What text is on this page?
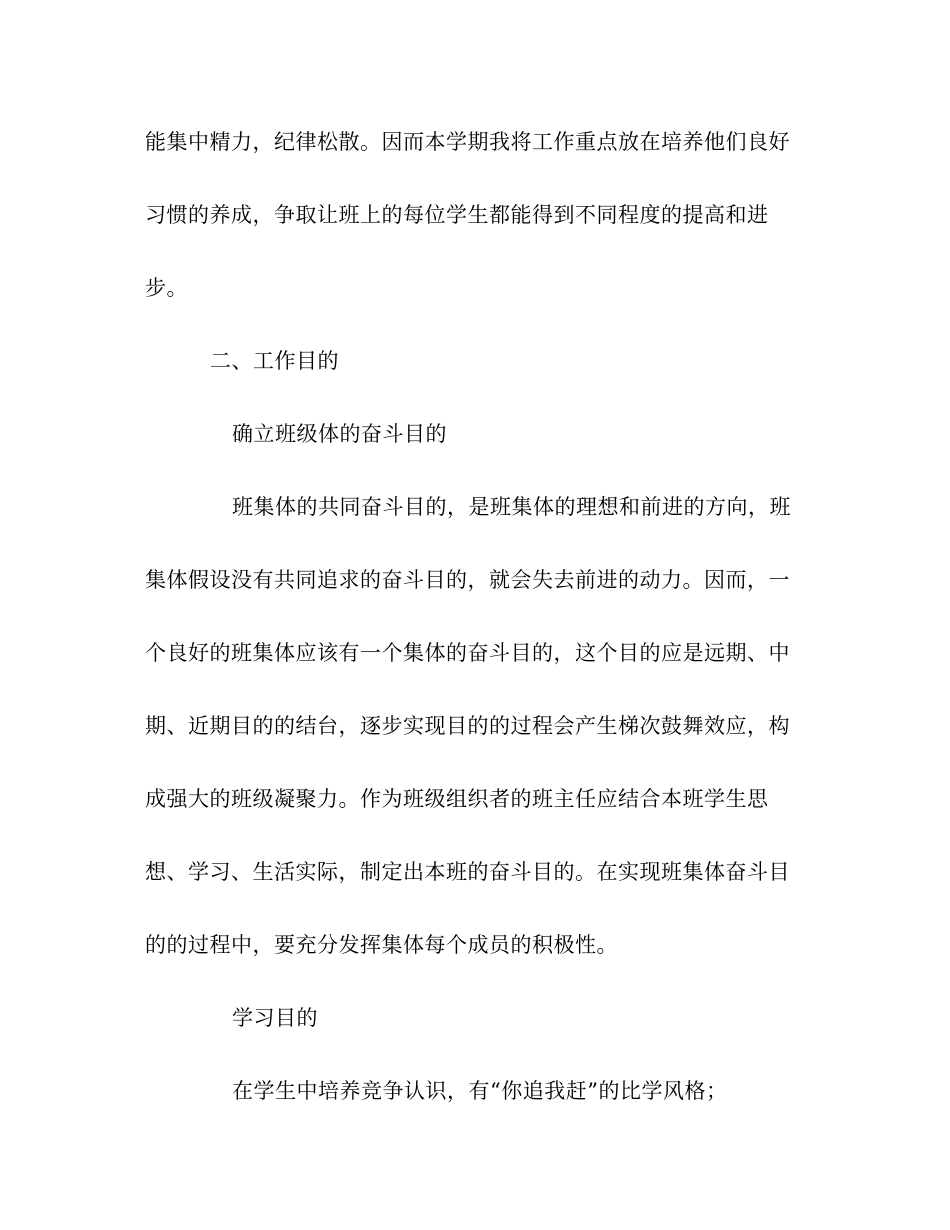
能集中精力，纪律松散。因而本学期我将工作重点放在培养他们良好
习惯的养成，争取让班上的每位学生都能得到不同程度的提高和进
步。
二、工作目的
确立班级体的奋斗目的
班集体的共同奋斗目的，是班集体的理想和前进的方向，班
集体假设没有共同追求的奋斗目的，就会失去前进的动力。因而，一
个良好的班集体应该有一个集体的奋斗目的，这个目的应是远期、中
期、近期目的的结台，逐步实现目的的过程会产生梯次鼓舞效应，构
成强大的班级凝聚力。作为班级组织者的班主任应结合本班学生思
想、学习、生活实际，制定出本班的奋斗目的。在实现班集体奋斗目
的的过程中，要充分发挥集体每个成员的积极性。
学习目的
在学生中培养竞争认识，有“你追我赶”的比学风格；
